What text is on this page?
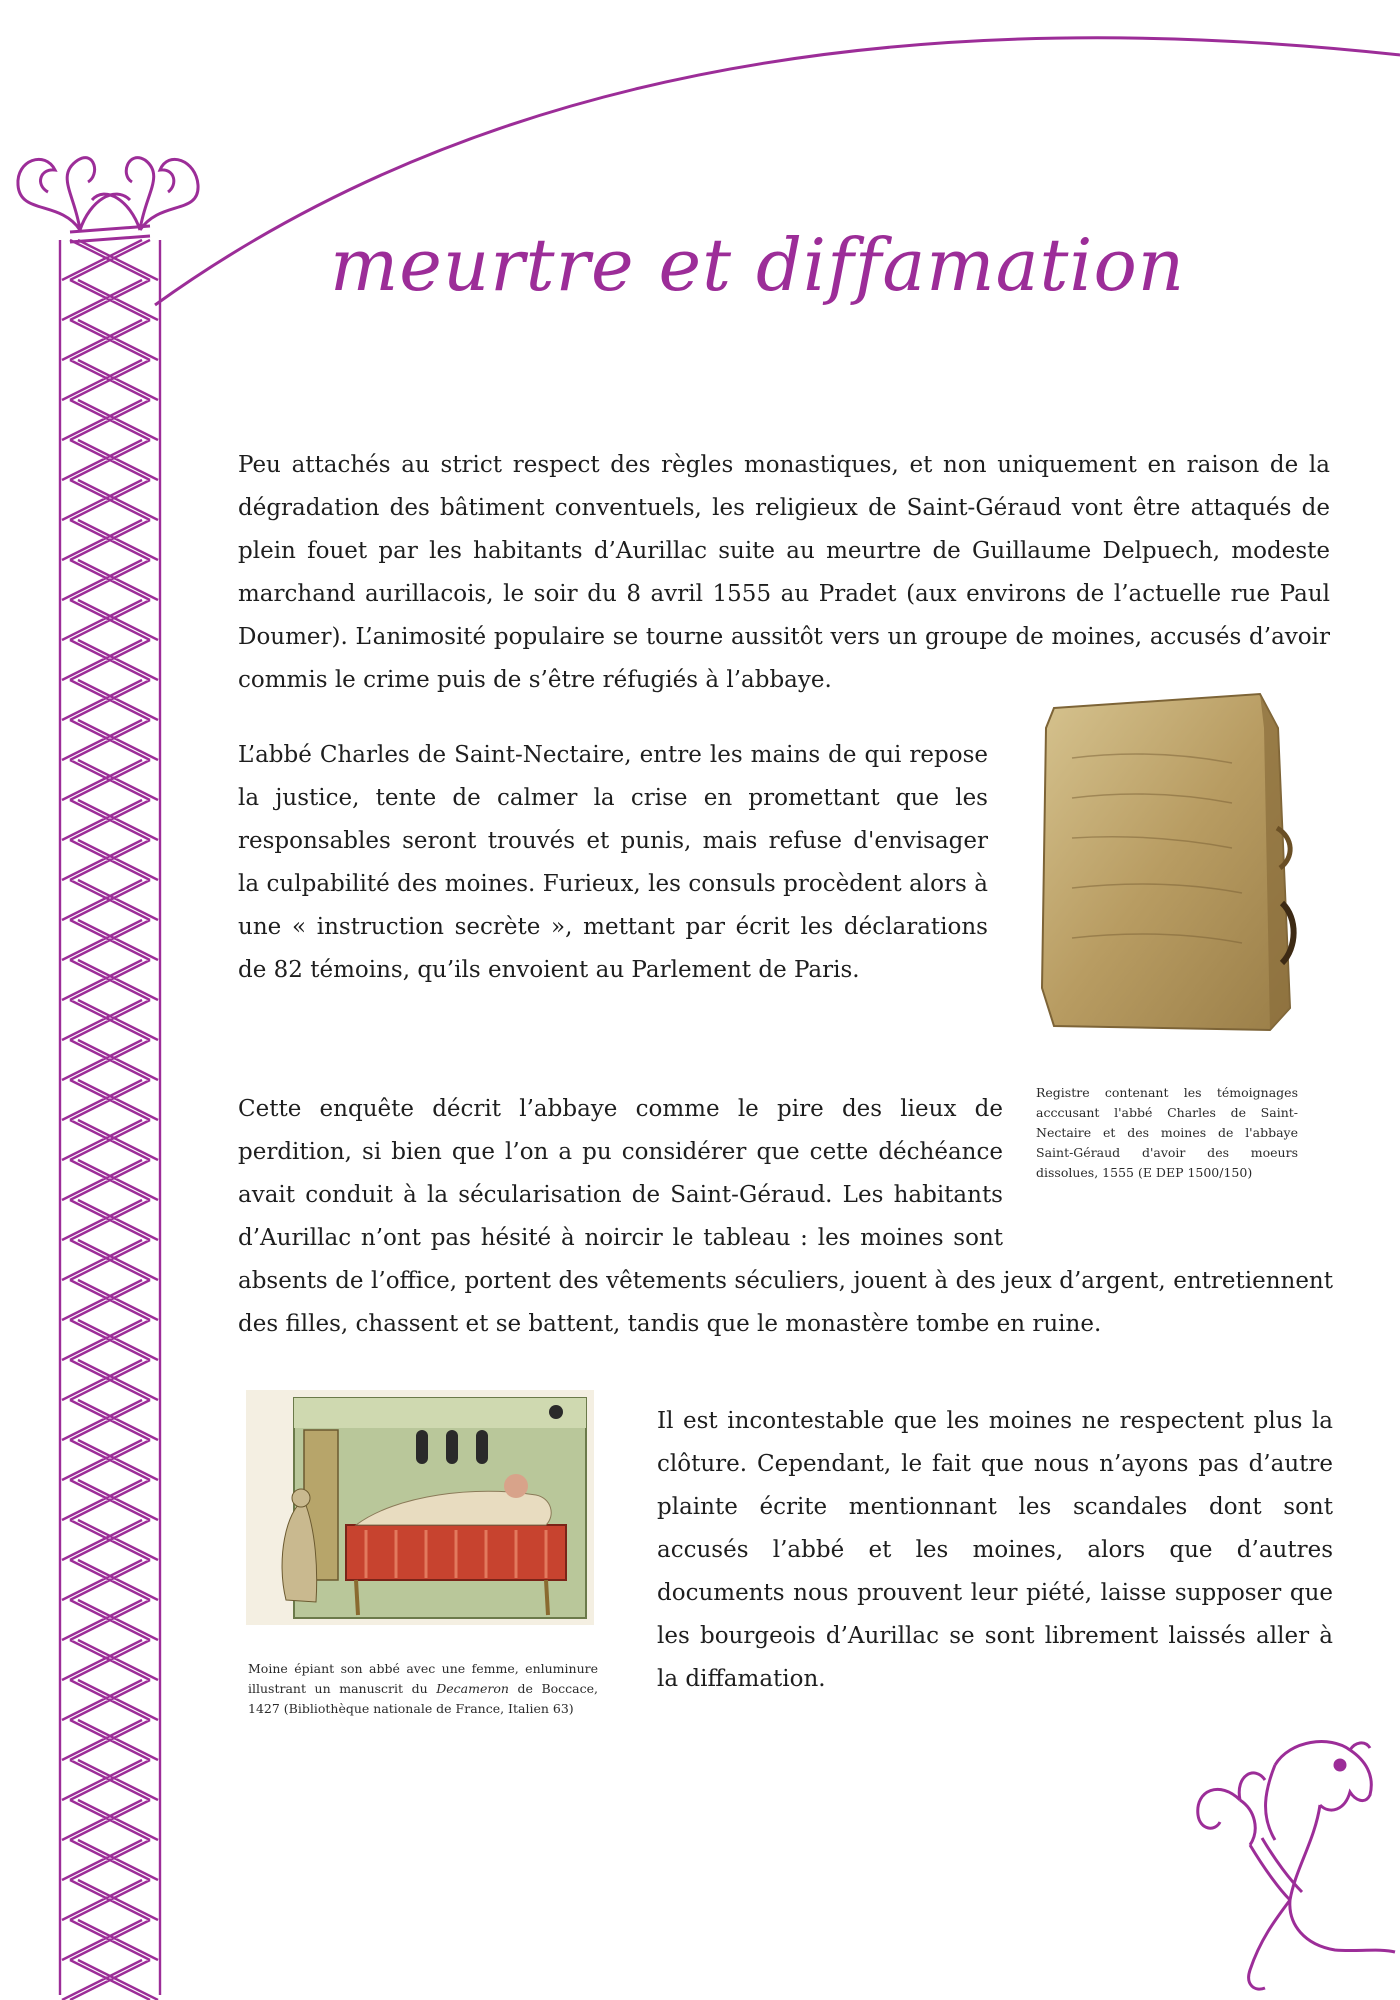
meurtre et diffamation

Peu attachés au strict respect des règles monastiques, et non uniquement en raison de la dégradation des bâtiment conventuels, les religieux de Saint-Géraud vont être attaqués de plein fouet par les habitants d’Aurillac suite au meurtre de Guillaume Delpuech, modeste marchand aurillacois, le soir du 8 avril 1555 au Pradet (aux environs de l’actuelle rue Paul Doumer). L’animosité populaire se tourne aussitôt vers un groupe de moines, accusés d’avoir commis le crime puis de s’être réfugiés à l’abbaye.

L’abbé Charles de Saint-Nectaire, entre les mains de qui repose la justice, tente de calmer la crise en promettant que les responsables seront trouvés et punis, mais refuse d'envisager la culpabilité des moines. Furieux, les consuls procèdent alors à une « instruction secrète », mettant par écrit les déclarations de 82 témoins, qu’ils envoient au Parlement de Paris.

Registre contenant les témoignages acccusant l'abbé Charles de Saint-Nectaire et des moines de l'abbaye Saint-Géraud d'avoir des moeurs dissolues, 1555 (E DEP 1500/150)

Cette enquête décrit l’abbaye comme le pire des lieux de perdition, si bien que l’on a pu considérer que cette déchéance avait conduit à la sécularisation de Saint-Géraud. Les habitants d’Aurillac n’ont pas hésité à noircir le tableau : les moines sont absents de l’office, portent des vêtements séculiers, jouent à des jeux d’argent, entretiennent des filles, chassent et se battent, tandis que le monastère tombe en ruine.

Moine épiant son abbé avec une femme, enluminure illustrant un manuscrit du Decameron de Boccace, 1427 (Bibliothèque nationale de France, Italien 63)

Il est incontestable que les moines ne respectent plus la clôture. Cependant, le fait que nous n’ayons pas d’autre plainte écrite mentionnant les scandales dont sont accusés l’abbé et les moines, alors que d’autres documents nous prouvent leur piété, laisse supposer que les bourgeois d’Aurillac se sont librement laissés aller à la diffamation.
